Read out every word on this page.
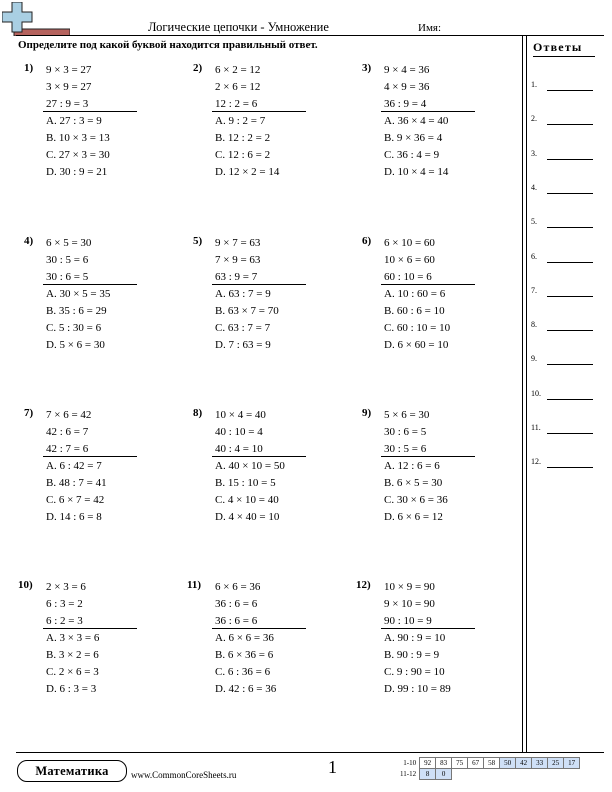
Логические цепочки - Умножение	Имя:
Определите под какой буквой находится правильный ответ.	Ответы
1.
2.
3.
4.
5.
6.
7.
8.
9.
10.
11.
12.
1) 9 × 3 = 27
3 × 9 = 27
27 : 9 = 3
A. 27 : 3 = 9
B. 10 × 3 = 13
C. 27 × 3 = 30
D. 30 : 9 = 21
2) 6 × 2 = 12
2 × 6 = 12
12 : 2 = 6
A. 9 : 2 = 7
B. 12 : 2 = 2
C. 12 : 6 = 2
D. 12 × 2 = 14
3) 9 × 4 = 36
4 × 9 = 36
36 : 9 = 4
A. 36 × 4 = 40
B. 9 × 36 = 4
C. 36 : 4 = 9
D. 10 × 4 = 14
4) 6 × 5 = 30
30 : 5 = 6
30 : 6 = 5
A. 30 × 5 = 35
B. 35 : 6 = 29
C. 5 : 30 = 6
D. 5 × 6 = 30
5) 9 × 7 = 63
7 × 9 = 63
63 : 9 = 7
A. 63 : 7 = 9
B. 63 × 7 = 70
C. 63 : 7 = 7
D. 7 : 63 = 9
6) 6 × 10 = 60
10 × 6 = 60
60 : 10 = 6
A. 10 : 60 = 6
B. 60 : 6 = 10
C. 60 : 10 = 10
D. 6 × 60 = 10
7) 7 × 6 = 42
42 : 6 = 7
42 : 7 = 6
A. 6 : 42 = 7
B. 48 : 7 = 41
C. 6 × 7 = 42
D. 14 : 6 = 8
8) 10 × 4 = 40
40 : 10 = 4
40 : 4 = 10
A. 40 × 10 = 50
B. 15 : 10 = 5
C. 4 × 10 = 40
D. 4 × 40 = 10
9) 5 × 6 = 30
30 : 6 = 5
30 : 5 = 6
A. 12 : 6 = 6
B. 6 × 5 = 30
C. 30 × 6 = 36
D. 6 × 6 = 12
10) 2 × 3 = 6
6 : 3 = 2
6 : 2 = 3
A. 3 × 3 = 6
B. 3 × 2 = 6
C. 2 × 6 = 3
D. 6 : 3 = 3
11) 6 × 6 = 36
36 : 6 = 6
36 : 6 = 6
A. 6 × 6 = 36
B. 6 × 36 = 6
C. 6 : 36 = 6
D. 42 : 6 = 36
12) 10 × 9 = 90
9 × 10 = 90
90 : 10 = 9
A. 90 : 9 = 10
B. 90 : 9 = 9
C. 9 : 90 = 10
D. 99 : 10 = 89
Математика	www.CommonCoreSheets.ru	1	1-10	92	83	75	67	58	50	42	33	25	17
11-12	8	0								
